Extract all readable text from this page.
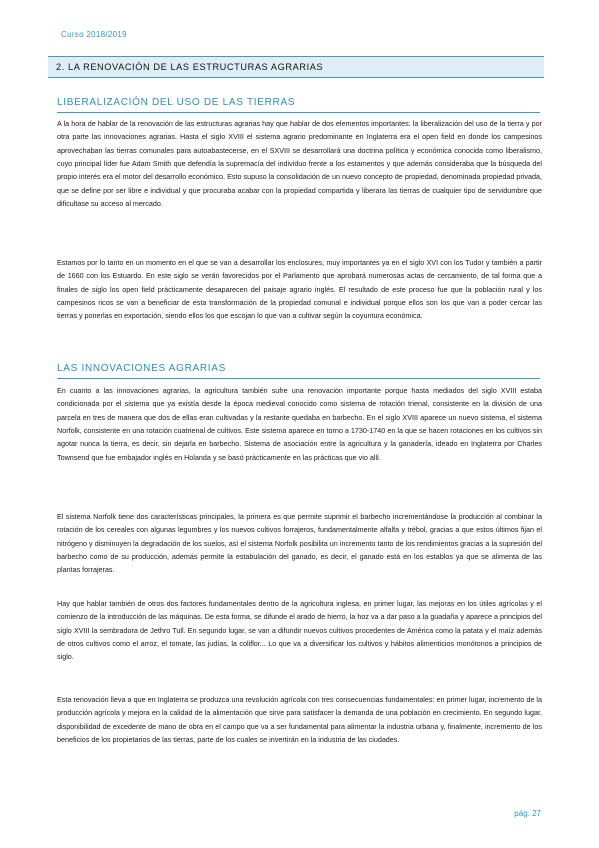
Curso 2018/2019
2. LA RENOVACIÓN DE LAS ESTRUCTURAS AGRARIAS
LIBERALIZACIÓN DEL USO DE LAS TIERRAS

A la hora de hablar de la renovación de las estructuras agrarias hay que hablar de dos elementos importantes: la liberalización del uso de la tierra y por otra parte las innovaciones agrarias. Hasta el siglo XVIII el sistema agrario predominante en Inglaterra era el open field en donde los campesinos aprovechaban las tierras comunales para autoabastecerse, en el SXVIII se desarrollará una doctrina política y económica conocida como liberalismo, cuyo principal líder fue Adam Smith que defendía la supremacía del individuo frente a los estamentos y que además consideraba que la búsqueda del propio interés era el motor del desarrollo económico. Esto supuso la consolidación de un nuevo concepto de propiedad, denominada propiedad privada, que se define por ser libre e individual y que procuraba acabar con la propiedad compartida y liberara las tierras de cualquier tipo de servidumbre que dificultase su acceso al mercado.

Estamos por lo tanto en un momento en el que se van a desarrollar los enclosures, muy importantes ya en el siglo XVI con los Tudor y también a partir de 1660 con los Estuardo. En este siglo se verán favorecidos por el Parlamento que aprobará numerosas actas de cercamiento, de tal forma que a finales de siglo los open field prácticamente desaparecen del paisaje agrario inglés. El resultado de este proceso fue que la población rural y los campesinos ricos se van a beneficiar de esta transformación de la propiedad comunal e individual porque ellos son los que van a poder cercar las tierras y ponerlas en exportación, siendo ellos los que escojan lo que van a cultivar según la coyuntura económica.

LAS INNOVACIONES AGRARIAS

En cuanto a las innovaciones agrarias, la agricultura también sufre una renovación importante porque hasta mediados del siglo XVIII estaba condicionada por el sistema que ya existía desde la época medieval conocido como sistema de rotación trienal, consistente en la división de una parcela en tres de manera que dos de ellas eran cultivadas y la restante quedaba en barbecho. En el siglo XVIII aparece un nuevo sistema, el sistema Norfolk, consistente en una rotación cuatrienal de cultivos. Este sistema aparece en torno a 1730-1740 en la que se hacen rotaciones en los cultivos sin agotar nunca la tierra, es decir, sin dejarla en barbecho. Sistema de asociación entre la agricultura y la ganadería, ideado en Inglaterra por Charles Townsend que fue embajador inglés en Holanda y se basó prácticamente en las prácticas que vio allí.

El sistema Norfolk tiene dos características principales, la primera es que permite suprimir el barbecho incrementándose la producción al combinar la rotación de los cereales con algunas legumbres y los nuevos cultivos forrajeros, fundamentalmente alfalfa y trébol, gracias a que estos últimos fijan el nitrógeno y disminuyen la degradación de los suelos, así el sistema Norfolk posibilita un incremento tanto de los rendimientos gracias a la supresión del barbecho como de su producción, además permite la estabulación del ganado, es decir, el ganado está en los establos ya que se alimenta de las plantas forrajeras.

Hay que hablar también de otros dos factores fundamentales dentro de la agricultura inglesa, en primer lugar, las mejoras en los útiles agrícolas y el comienzo de la introducción de las máquinas. De esta forma, se difunde el arado de hierro, la hoz va a dar paso a la guadaña y aparece a principios del siglo XVIII la sembradora de Jethro Tull. En segundo lugar, se van a difundir nuevos cultivos procedentes de América como la patata y el maíz además de otros cultivos como el arroz, el tomate, las judías, la coliflor... Lo que va a diversificar los cultivos y hábitos alimenticios monótonos a principios de siglo.

Esta renovación lleva a que en Inglaterra se produzca una revolución agrícola con tres consecuencias fundamentales: en primer lugar, incremento de la producción agrícola y mejora en la calidad de la alimentación que sirve para satisfacer la demanda de una población en crecimiento. En segundo lugar, disponibilidad de excedente de mano de obra en el campo que va a ser fundamental para alimentar la industria urbana y, finalmente, incremento de los beneficios de los propietarios de las tierras, parte de los cuales se invertirán en la industria de las ciudades.

pág. 27
